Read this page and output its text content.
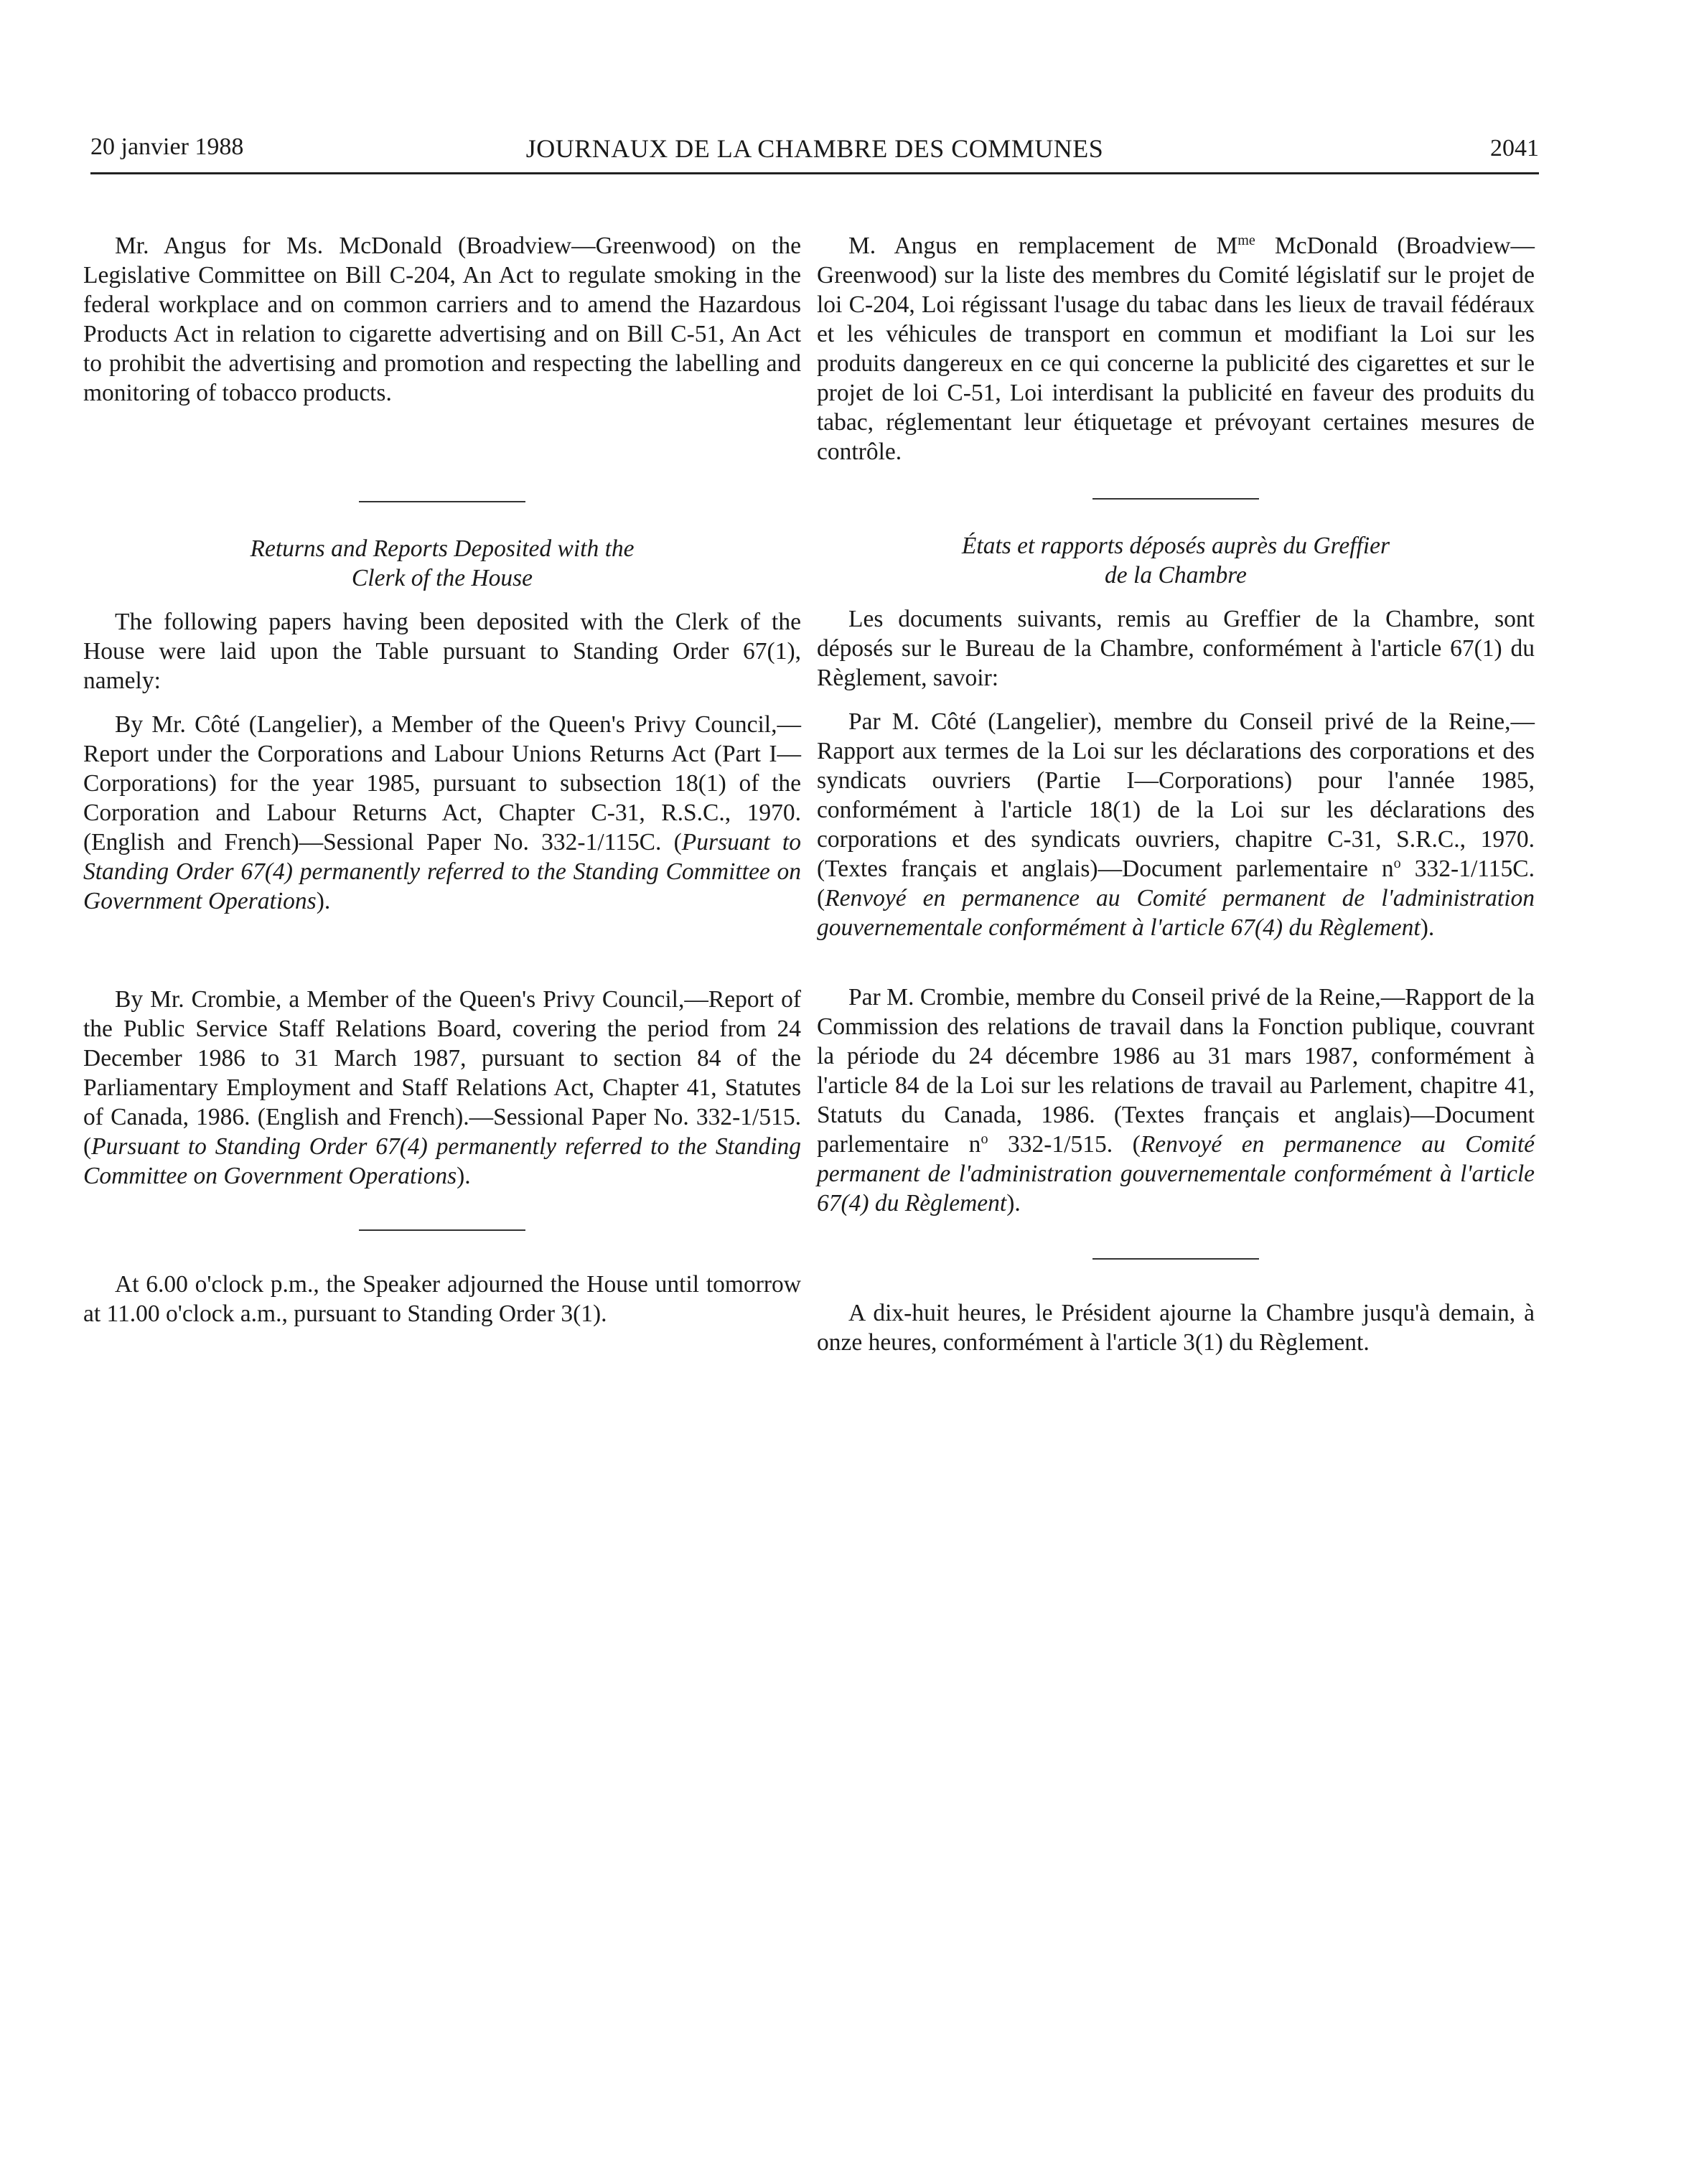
20 janvier 1988	JOURNAUX DE LA CHAMBRE DES COMMUNES	2041

Mr. Angus for Ms. McDonald (Broadview—Greenwood) on the Legislative Committee on Bill C-204, An Act to regulate smoking in the federal workplace and on common carriers and to amend the Hazardous Products Act in relation to cigarette advertising and on Bill C-51, An Act to prohibit the advertising and promotion and respecting the labelling and monitoring of tobacco products.

Returns and Reports Deposited with the
Clerk of the House

The following papers having been deposited with the Clerk of the House were laid upon the Table pursuant to Standing Order 67(1), namely:

By Mr. Côté (Langelier), a Member of the Queen's Privy Council,—Report under the Corporations and Labour Unions Returns Act (Part I—Corporations) for the year 1985, pursuant to subsection 18(1) of the Corporation and Labour Returns Act, Chapter C-31, R.S.C., 1970. (English and French)—Sessional Paper No. 332-1/115C. (Pursuant to Standing Order 67(4) permanently referred to the Standing Committee on Government Operations).

By Mr. Crombie, a Member of the Queen's Privy Council,—Report of the Public Service Staff Relations Board, covering the period from 24 December 1986 to 31 March 1987, pursuant to section 84 of the Parliamentary Employment and Staff Relations Act, Chapter 41, Statutes of Canada, 1986. (English and French).—Sessional Paper No. 332-1/515. (Pursuant to Standing Order 67(4) permanently referred to the Standing Committee on Government Operations).

At 6.00 o'clock p.m., the Speaker adjourned the House until tomorrow at 11.00 o'clock a.m., pursuant to Standing Order 3(1).

M. Angus en remplacement de $M^{me}$ McDonald (Broadview—Greenwood) sur la liste des membres du Comité législatif sur le projet de loi C-204, Loi régissant l'usage du tabac dans les lieux de travail fédéraux et les véhicules de transport en commun et modifiant la Loi sur les produits dangereux en ce qui concerne la publicité des cigarettes et sur le projet de loi C-51, Loi interdisant la publicité en faveur des produits du tabac, réglementant leur étiquetage et prévoyant certaines mesures de contrôle.

États et rapports déposés auprès du Greffier
de la Chambre

Les documents suivants, remis au Greffier de la Chambre, sont déposés sur le Bureau de la Chambre, conformément à l'article 67(1) du Règlement, savoir:

Par M. Côté (Langelier), membre du Conseil privé de la Reine,—Rapport aux termes de la Loi sur les déclarations des corporations et des syndicats ouvriers (Partie I—Corporations) pour l'année 1985, conformément à l'article 18(1) de la Loi sur les déclarations des corporations et des syndicats ouvriers, chapitre C-31, S.R.C., 1970. (Textes français et anglais)—Document parlementaire $n^o$ 332-1/115C. (Renvoyé en permanence au Comité permanent de l'administration gouvernementale conformément à l'article 67(4) du Règlement).

Par M. Crombie, membre du Conseil privé de la Reine,—Rapport de la Commission des relations de travail dans la Fonction publique, couvrant la période du 24 décembre 1986 au 31 mars 1987, conformément à l'article 84 de la Loi sur les relations de travail au Parlement, chapitre 41, Statuts du Canada, 1986. (Textes français et anglais)—Document parlementaire $n^o$ 332-1/515. (Renvoyé en permanence au Comité permanent de l'administration gouvernementale conformément à l'article 67(4) du Règlement).

A dix-huit heures, le Président ajourne la Chambre jusqu'à demain, à onze heures, conformément à l'article 3(1) du Règlement.
